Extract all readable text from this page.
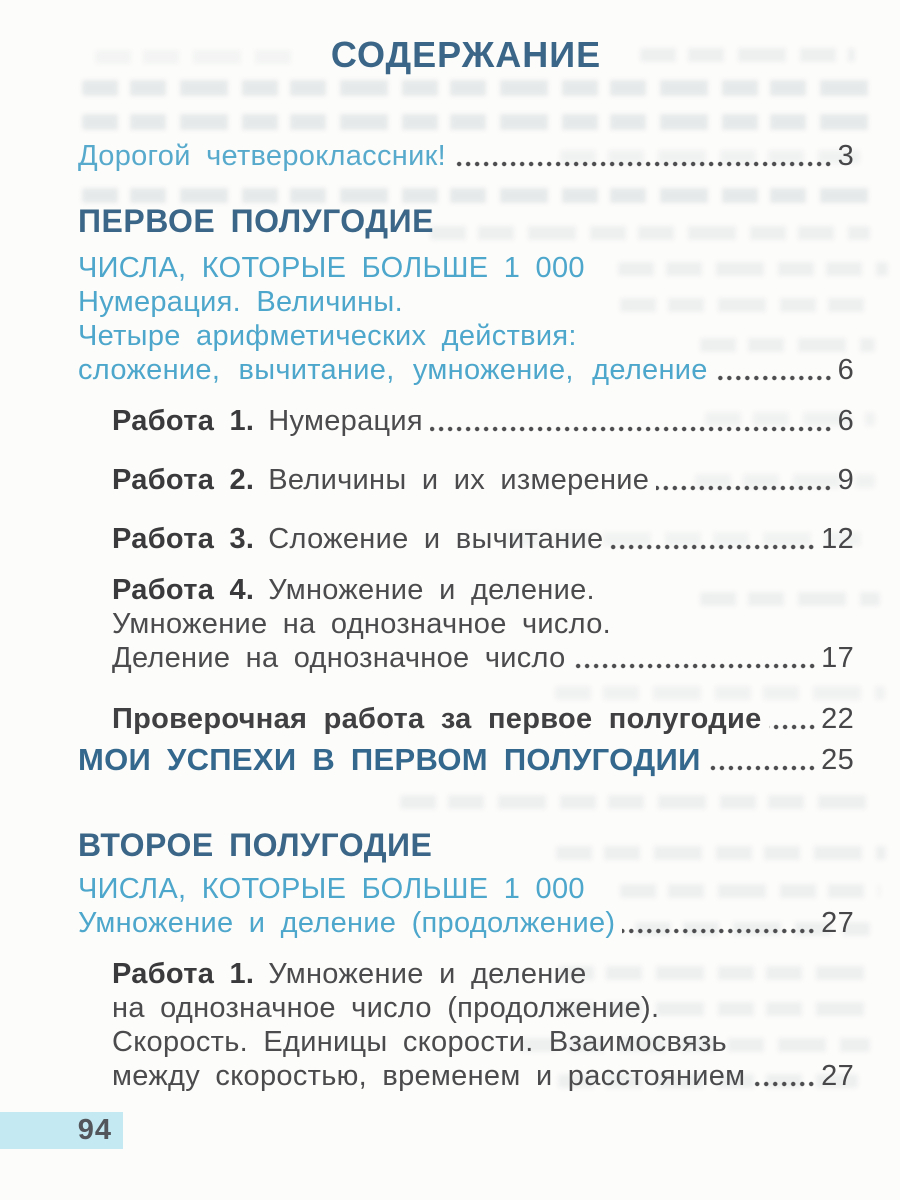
СОДЕРЖАНИЕ
Дорогой четвероклассник!	3
ПЕРВОЕ ПОЛУГОДИЕ
ЧИСЛА, КОТОРЫЕ БОЛЬШЕ 1 000
Нумерация. Величины.
Четыре арифметических действия:
сложение, вычитание, умножение, деление	6
Работа 1. Нумерация	6
Работа 2. Величины и их измерение	9
Работа 3. Сложение и вычитание	12
Работа 4. Умножение и деление.
Умножение на однозначное число.
Деление на однозначное число	17
Проверочная работа за первое полугодие 22
МОИ УСПЕХИ В ПЕРВОМ ПОЛУГОДИИ	25
ВТОРОЕ ПОЛУГОДИЕ
ЧИСЛА, КОТОРЫЕ БОЛЬШЕ 1 000
Умножение и деление (продолжение)	27
Работа 1. Умножение и деление
на однозначное число (продолжение).
Скорость. Единицы скорости. Взаимосвязь
между скоростью, временем и расстоянием	27
94
